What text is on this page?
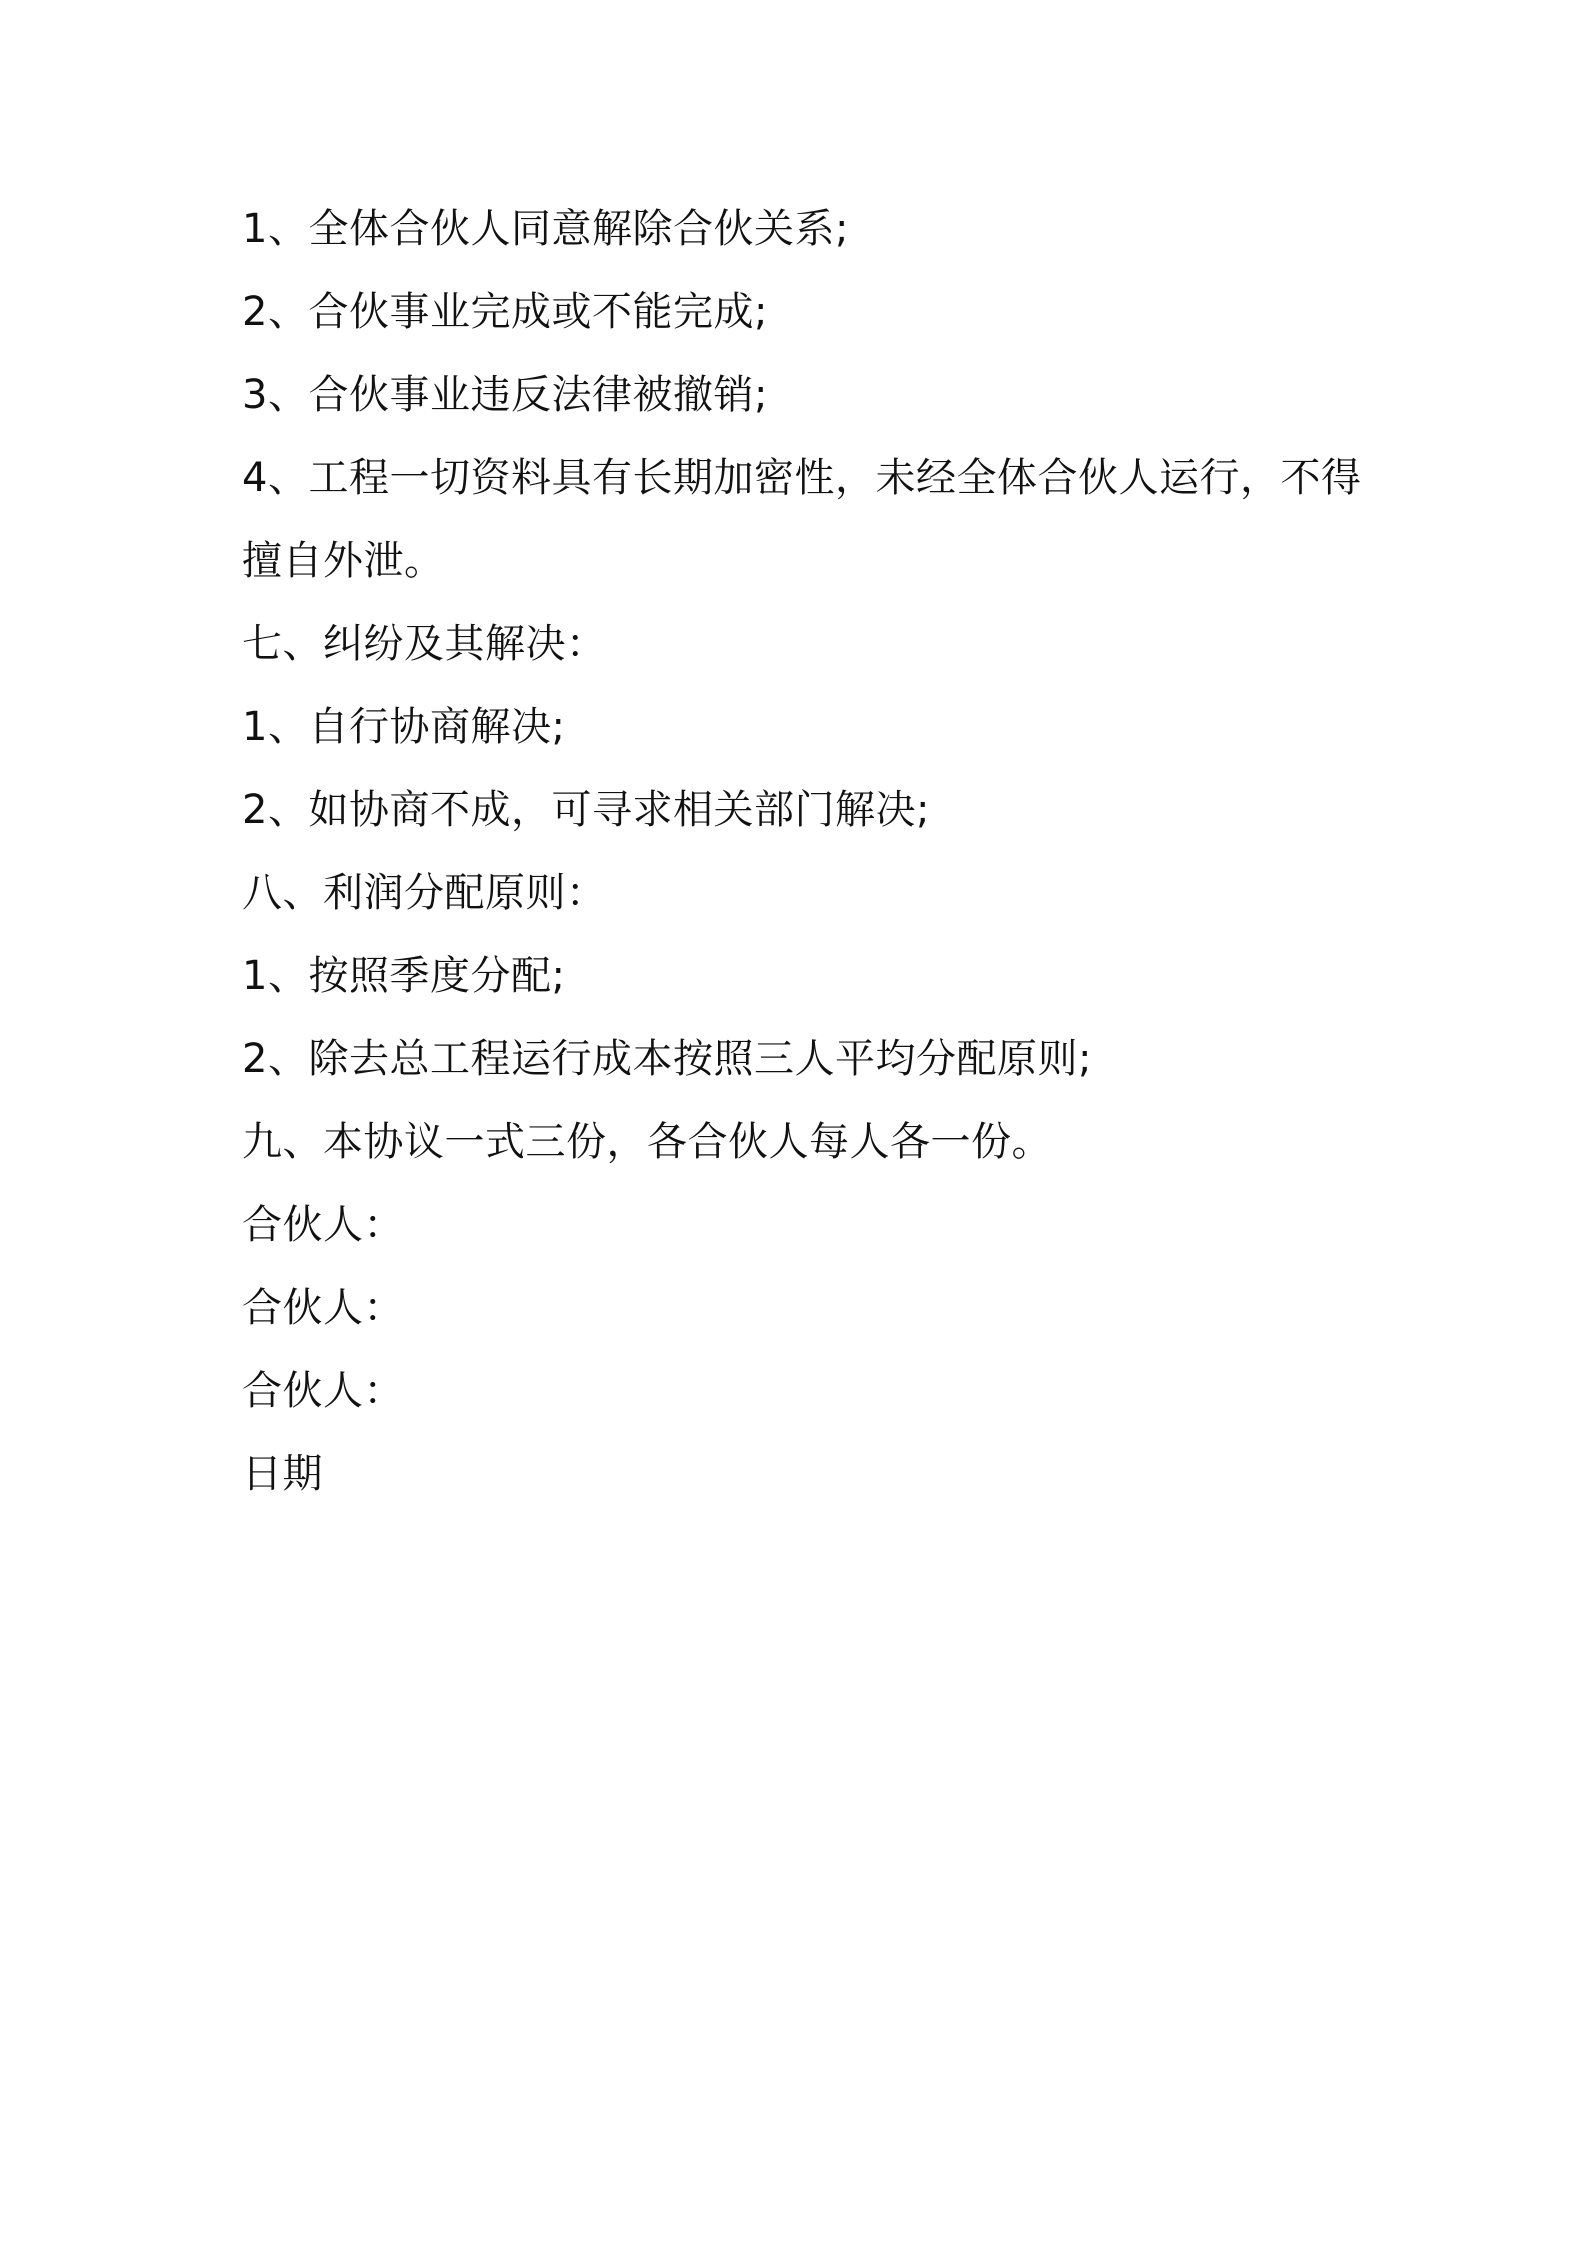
1、全体合伙人同意解除合伙关系;
2、合伙事业完成或不能完成;
3、合伙事业违反法律被撤销;
4、工程一切资料具有长期加密性，未经全体合伙人运行，不得
擅自外泄。
七、纠纷及其解决：
1、自行协商解决;
2、如协商不成，可寻求相关部门解决;
八、利润分配原则：
1、按照季度分配;
2、除去总工程运行成本按照三人平均分配原则;
九、本协议一式三份，各合伙人每人各一份。
合伙人：
合伙人：
合伙人：
日期
